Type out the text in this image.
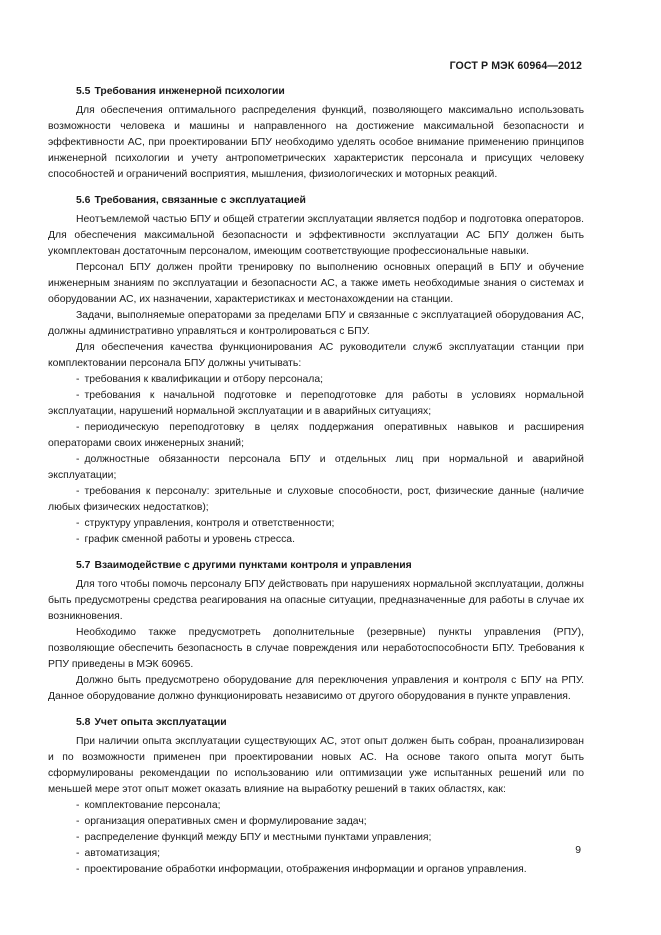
ГОСТ Р МЭК 60964—2012
5.5 Требования инженерной психологии

Для обеспечения оптимального распределения функций, позволяющего максимально использовать возможности человека и машины и направленного на достижение максимальной безопасности и эффективности АС, при проектировании БПУ необходимо уделять особое внимание применению принципов инженерной психологии и учету антропометрических характеристик персонала и присущих человеку способностей и ограничений восприятия, мышления, физиологических и моторных реакций.

5.6 Требования, связанные с эксплуатацией

Неотъемлемой частью БПУ и общей стратегии эксплуатации является подбор и подготовка операторов. Для обеспечения максимальной безопасности и эффективности эксплуатации АС БПУ должен быть укомплектован достаточным персоналом, имеющим соответствующие профессиональные навыки.

Персонал БПУ должен пройти тренировку по выполнению основных операций в БПУ и обучение инженерным знаниям по эксплуатации и безопасности АС, а также иметь необходимые знания о системах и оборудовании АС, их назначении, характеристиках и местонахождении на станции.

Задачи, выполняемые операторами за пределами БПУ и связанные с эксплуатацией оборудования АС, должны административно управляться и контролироваться с БПУ.

Для обеспечения качества функционирования АС руководители служб эксплуатации станции при комплектовании персонала БПУ должны учитывать:

- требования к квалификации и отбору персонала;
- требования к начальной подготовке и переподготовке для работы в условиях нормальной эксплуатации, нарушений нормальной эксплуатации и в аварийных ситуациях;
- периодическую переподготовку в целях поддержания оперативных навыков и расширения операторами своих инженерных знаний;
- должностные обязанности персонала БПУ и отдельных лиц при нормальной и аварийной эксплуатации;
- требования к персоналу: зрительные и слуховые способности, рост, физические данные (наличие любых физических недостатков);
- структуру управления, контроля и ответственности;
- график сменной работы и уровень стресса.
5.7 Взаимодействие с другими пунктами контроля и управления

Для того чтобы помочь персоналу БПУ действовать при нарушениях нормальной эксплуатации, должны быть предусмотрены средства реагирования на опасные ситуации, предназначенные для работы в случае их возникновения.

Необходимо также предусмотреть дополнительные (резервные) пункты управления (РПУ), позволяющие обеспечить безопасность в случае повреждения или неработоспособности БПУ. Требования к РПУ приведены в МЭК 60965.

Должно быть предусмотрено оборудование для переключения управления и контроля с БПУ на РПУ. Данное оборудование должно функционировать независимо от другого оборудования в пункте управления.

5.8 Учет опыта эксплуатации

При наличии опыта эксплуатации существующих АС, этот опыт должен быть собран, проанализирован и по возможности применен при проектировании новых АС. На основе такого опыта могут быть сформулированы рекомендации по использованию или оптимизации уже испытанных решений или по меньшей мере этот опыт может оказать влияние на выработку решений в таких областях, как:

- комплектование персонала;
- организация оперативных смен и формулирование задач;
- распределение функций между БПУ и местными пунктами управления;
- автоматизация;
- проектирование обработки информации, отображения информации и органов управления.
9
